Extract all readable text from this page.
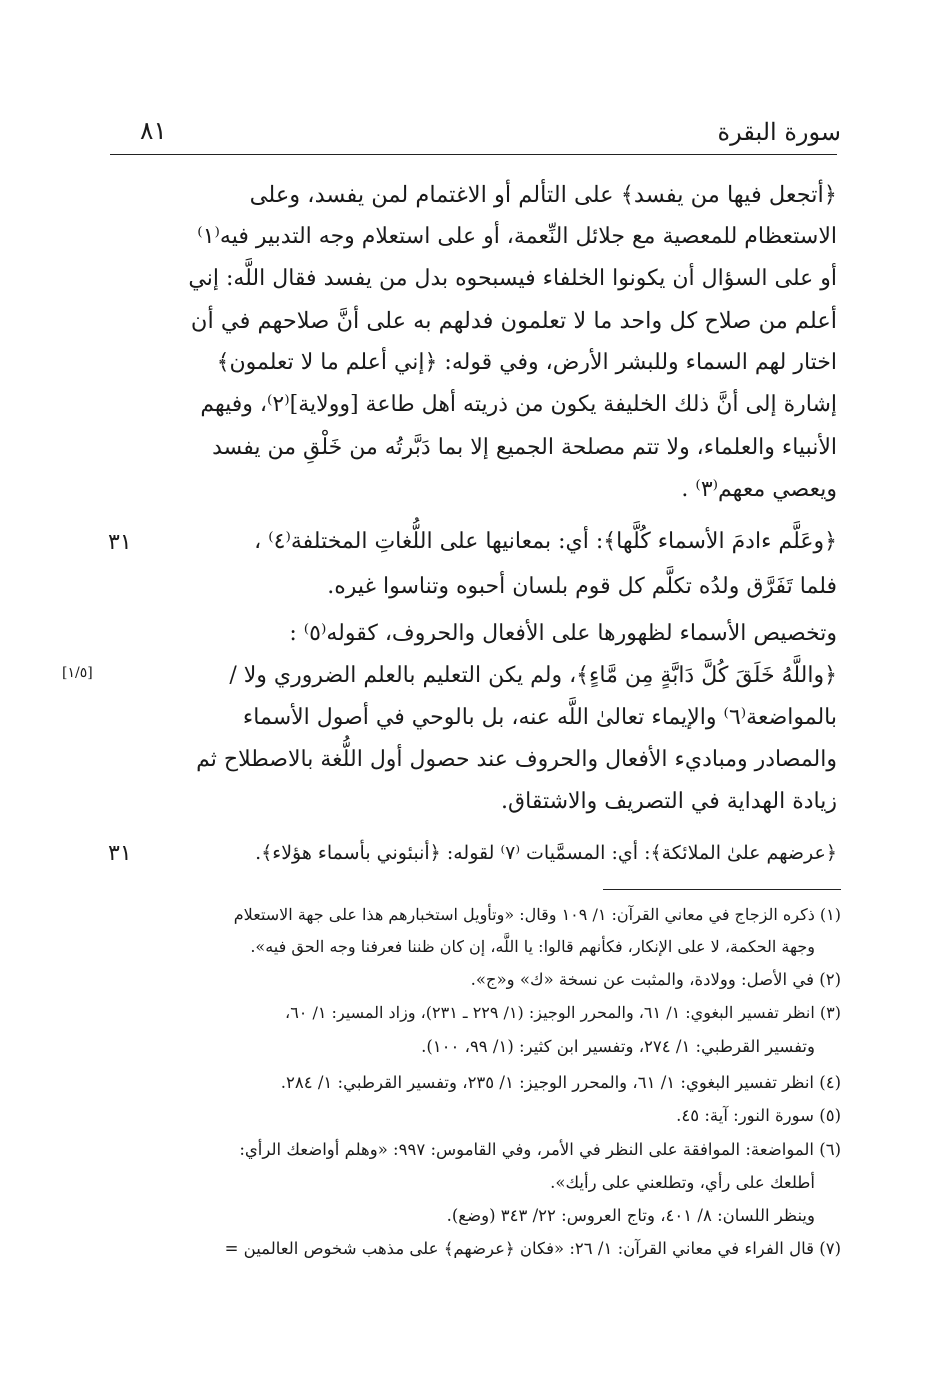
سورة البقرة
٨١
﴿أتجعل فيها من يفسد﴾ على التألم أو الاغتمام لمن يفسد، وعلى
الاستعظام للمعصية مع جلائل النِّعمة، أو على استعلام وجه التدبير فيه⁽١⁾
أو على السؤال أن يكونوا الخلفاء فيسبحوه بدل من يفسد فقال اللَّه: إني
أعلم من صلاح كل واحد ما لا تعلمون فدلهم به على أنَّ صلاحهم في أن
اختار لهم السماء وللبشر الأرض، وفي قوله: ﴿إني أعلم ما لا تعلمون﴾
إشارة إلى أنَّ ذلك الخليفة يكون من ذريته أهل طاعة [وولاية]⁽٢⁾، وفيهم
الأنبياء والعلماء، ولا تتم مصلحة الجميع إلا بما دَبَّرتُه من خَلْقِ من يفسد
ويعصي معهم⁽٣⁾ .
٣١	﴿وعَلَّم ءادمَ الأسماء كُلَّها﴾: أي: بمعانيها على اللُّغاتِ المختلفة⁽٤⁾ ،
فلما تَفَرَّق ولدُه تكلَّم كل قوم بلسان أحبوه وتناسوا غيره.
وتخصيص الأسماء لظهورها على الأفعال والحروف، كقوله⁽٥⁾ :
[١/٥]	﴿واللَّهُ خَلَقَ كُلَّ دَابَّةٍ مِن مَّاءٍ﴾، ولم يكن التعليم بالعلم الضروري ولا /
بالمواضعة⁽٦⁾ والإيماء تعالىٰ اللَّه عنه، بل بالوحي في أصول الأسماء
والمصادر ومباديء الأفعال والحروف عند حصول أول اللُّغة بالاصطلاح ثم
زيادة الهداية في التصريف والاشتقاق.
٣١	﴿عرضهم علىٰ الملائكة﴾: أي: المسمَّيات ⁽٧⁾ لقوله: ﴿أنبئوني بأسماء هؤلاء﴾.
(١) ذكره الزجاج في معاني القرآن: ١/ ١٠٩ وقال: «وتأويل استخبارهم هذا على جهة الاستعلام
وجهة الحكمة، لا على الإنكار، فكأنهم قالوا: يا اللَّه، إن كان ظننا فعرفنا وجه الحق فيه».
(٢) في الأصل: وولادة، والمثبت عن نسخة «ك» و«ج».
(٣) انظر تفسير البغوي: ١/ ٦١، والمحرر الوجيز: (١/ ٢٢٩ ـ ٢٣١)، وزاد المسير: ١/ ٦٠،
وتفسير القرطبي: ١/ ٢٧٤، وتفسير ابن كثير: (١/ ٩٩، ١٠٠).
(٤) انظر تفسير البغوي: ١/ ٦١، والمحرر الوجيز: ١/ ٢٣٥، وتفسير القرطبي: ١/ ٢٨٤.
(٥) سورة النور: آية: ٤٥.
(٦) المواضعة: الموافقة على النظر في الأمر، وفي القاموس: ٩٩٧: «وهلم أواضعك الرأي:
أطلعك على رأي، وتطلعني على رأيك».
وينظر اللسان: ٨/ ٤٠١، وتاج العروس: ٢٢/ ٣٤٣ (وضع).
(٧) قال الفراء في معاني القرآن: ١/ ٢٦: «فكان ﴿عرضهم﴾ على مذهب شخوص العالمين =
